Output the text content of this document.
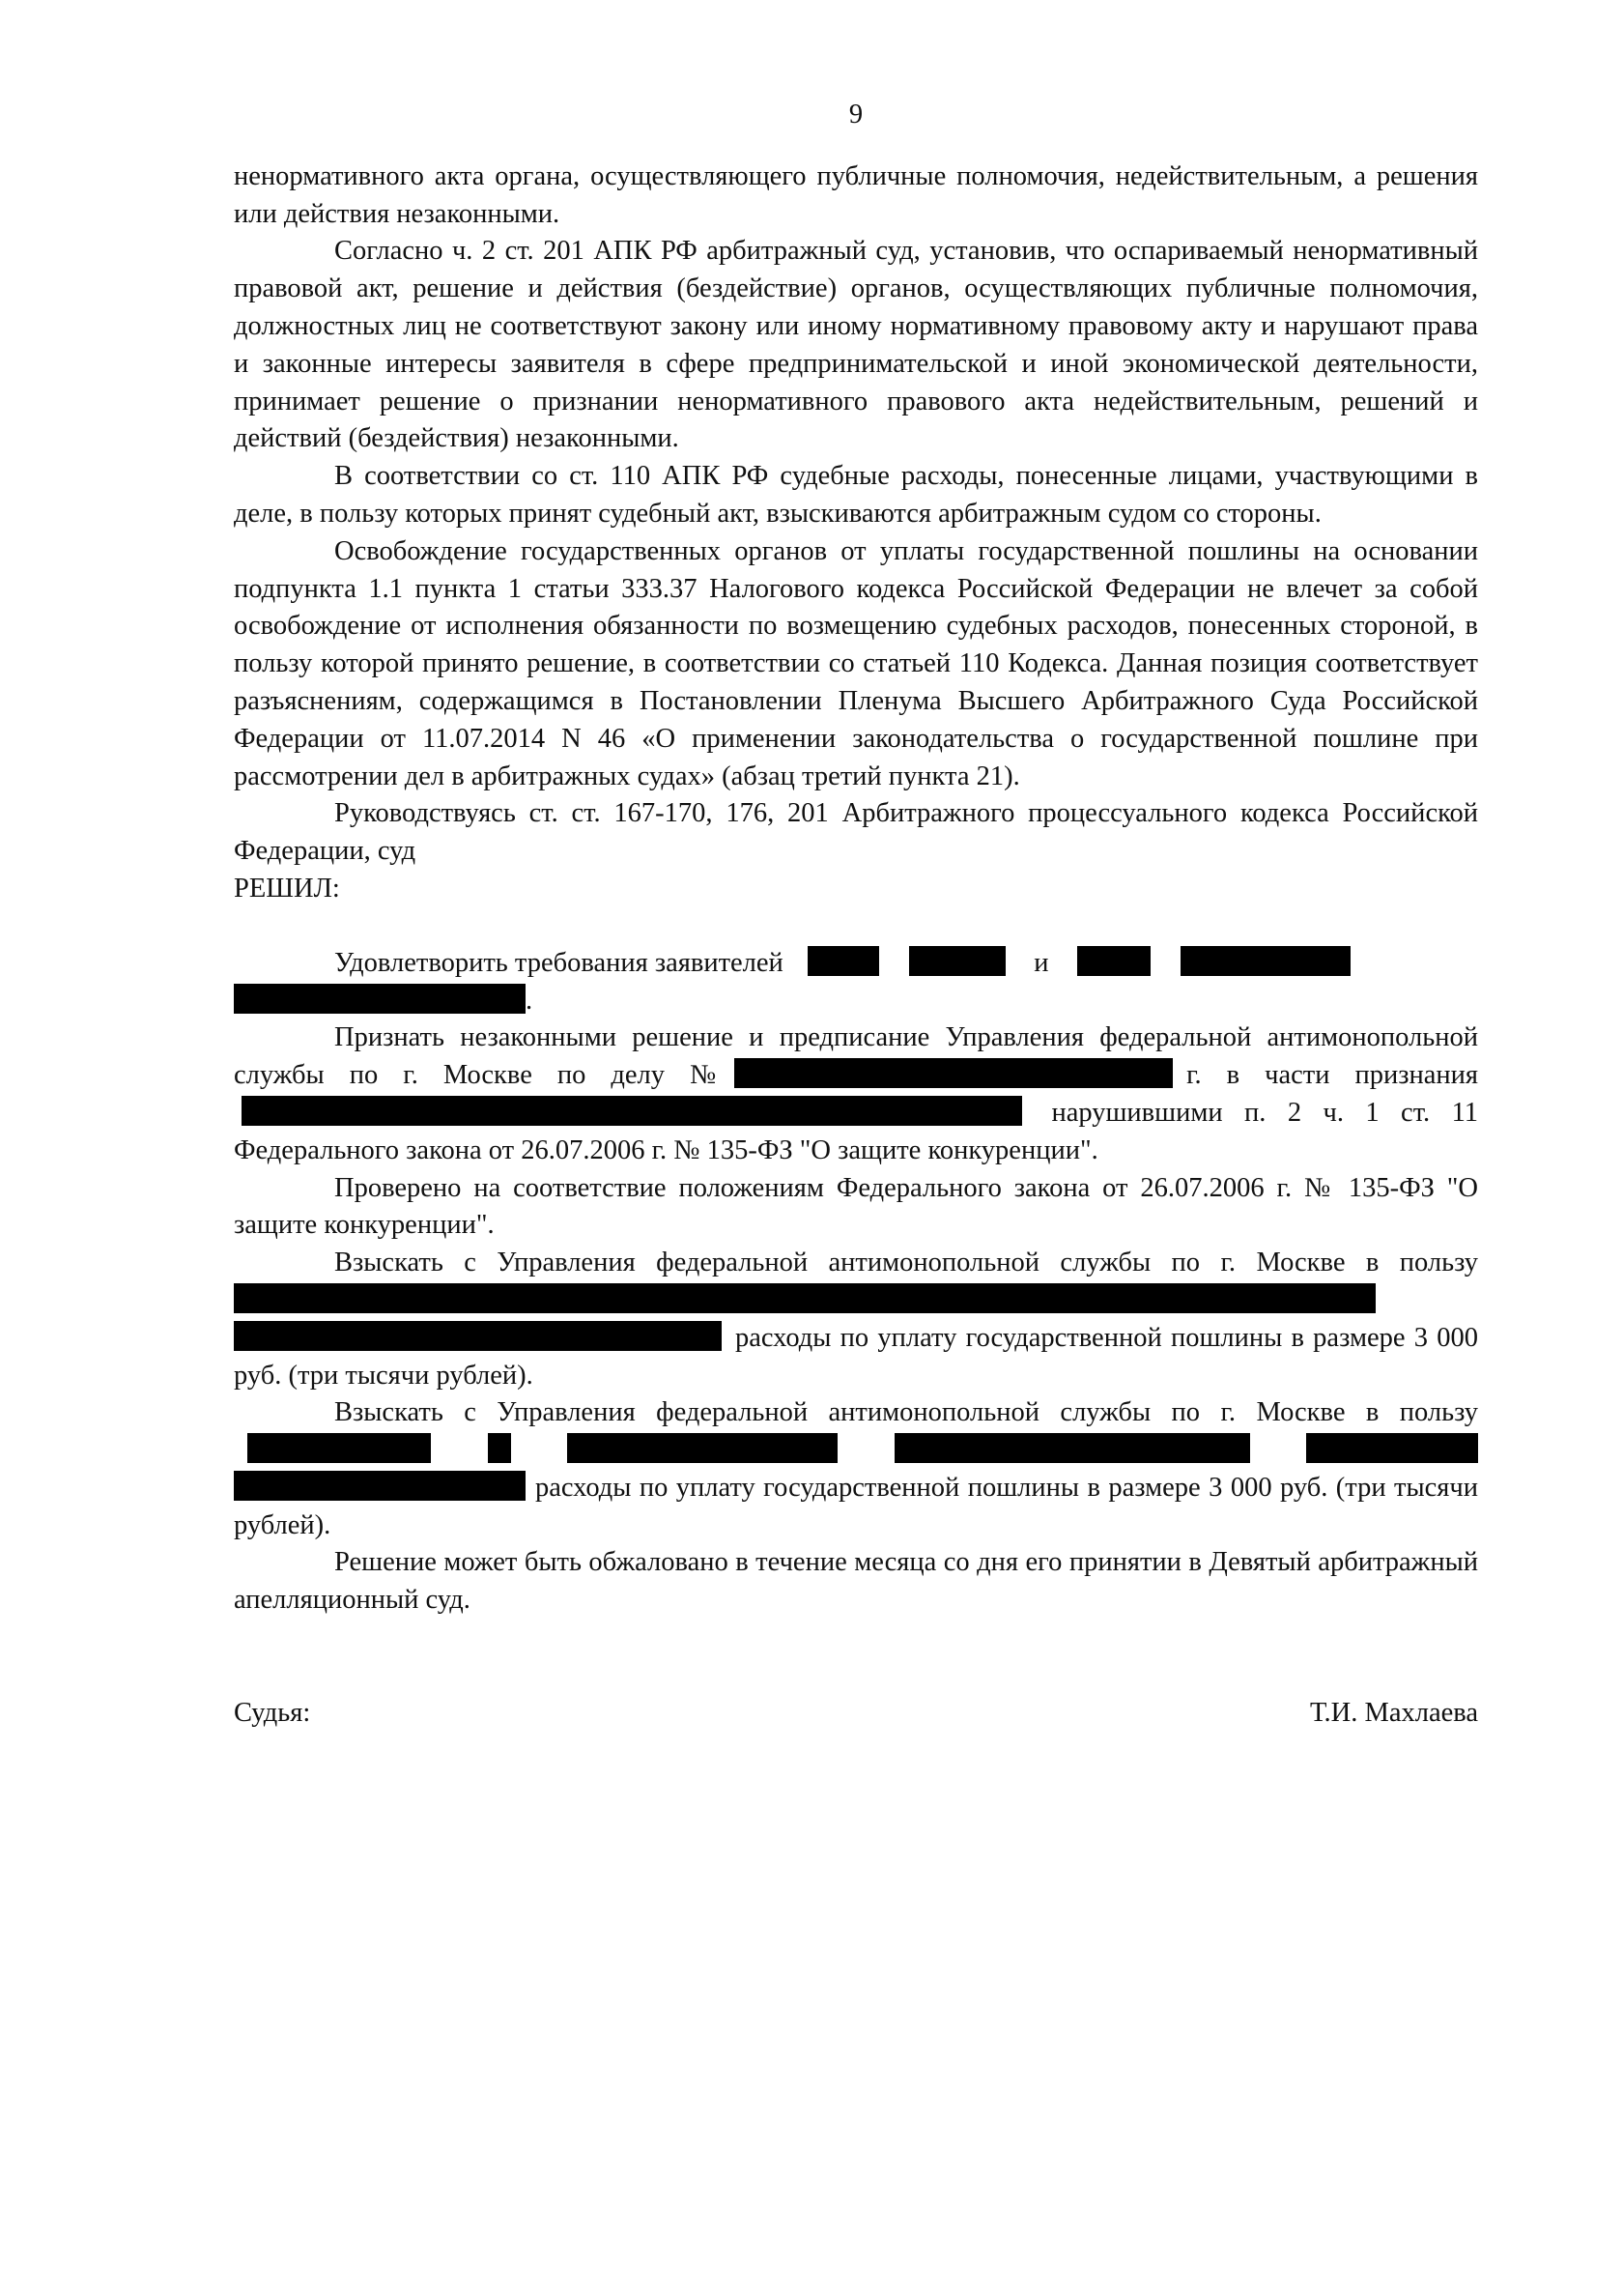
9

ненормативного акта органа, осуществляющего публичные полномочия, недействительным, а решения или действия незаконными.

Согласно ч. 2 ст. 201 АПК РФ арбитражный суд, установив, что оспариваемый ненормативный правовой акт, решение и действия (бездействие) органов, осуществляющих публичные полномочия, должностных лиц не соответствуют закону или иному нормативному правовому акту и нарушают права и законные интересы заявителя в сфере предпринимательской и иной экономической деятельности, принимает решение о признании ненормативного правового акта недействительным, решений и действий (бездействия) незаконными.

В соответствии со ст. 110 АПК РФ судебные расходы, понесенные лицами, участвующими в деле, в пользу которых принят судебный акт, взыскиваются арбитражным судом со стороны.

Освобождение государственных органов от уплаты государственной пошлины на основании подпункта 1.1 пункта 1 статьи 333.37 Налогового кодекса Российской Федерации не влечет за собой освобождение от исполнения обязанности по возмещению судебных расходов, понесенных стороной, в пользу которой принято решение, в соответствии со статьей 110 Кодекса. Данная позиция соответствует разъяснениям, содержащимся в Постановлении Пленума Высшего Арбитражного Суда Российской Федерации от 11.07.2014 N 46 «О применении законодательства о государственной пошлине при рассмотрении дел в арбитражных судах» (абзац третий пункта 21).

Руководствуясь ст. ст. 167-170, 176, 201 Арбитражного процессуального кодекса Российской Федерации, суд

РЕШИЛ:

Удовлетворить требования заявителей	и
.

Признать незаконными решение и предписание Управления федеральной антимонопольной службы по г. Москве по делу №	г. в части признания  нарушившими п. 2 ч. 1 ст. 11 Федерального закона от 26.07.2006 г. № 135-ФЗ "О защите конкуренции".

Проверено на соответствие положениям Федерального закона от 26.07.2006 г. № 135-ФЗ "О защите конкуренции".

Взыскать с Управления федеральной антимонопольной службы по г. Москве в пользу  расходы по уплату государственной пошлины в размере 3 000 руб. (три тысячи рублей).

Взыскать с Управления федеральной антимонопольной службы по г. Москве в пользу      расходы по уплату государственной пошлины в размере 3 000 руб. (три тысячи рублей).

Решение может быть обжаловано в течение месяца со дня его принятии в Девятый арбитражный апелляционный суд.

Судья:	Т.И. Махлаева
